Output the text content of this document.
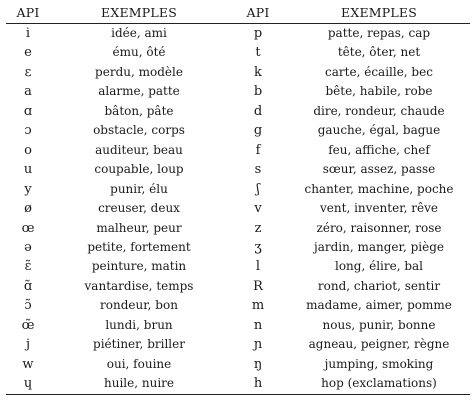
API	EXEMPLES	API	EXEMPLES
i	idée, ami	p	patte, repas, cap
e	ému, ôté	t	tête, ôter, net
ε	perdu, modèle	k	carte, écaille, bec
a	alarme, patte	b	bête, habile, robe
ɑ	bâton, pâte	d	dire, rondeur, chaude
ɔ	obstacle, corps	g	gauche, égal, bague
o	auditeur, beau	f	feu, affiche, chef
u	coupable, loup	s	sœur, assez, passe
y	punir, élu	ʃ	chanter, machine, poche
ø	creuser, deux	v	vent, inventer, rêve
œ	malheur, peur	z	zéro, raisonner, rose
ə	petite, fortement	ʒ	jardin, manger, piège
ɛ̃	peinture, matin	l	long, élire, bal
ɑ̃	vantardise, temps	R	rond, chariot, sentir
ɔ̃	rondeur, bon	m	madame, aimer, pomme
œ̃	lundi, brun	n	nous, punir, bonne
j	piétiner, briller	ɲ	agneau, peigner, règne
w	oui, fouine	ŋ	jumping, smoking
ɥ	huile, nuire	h	hop (exclamations)
